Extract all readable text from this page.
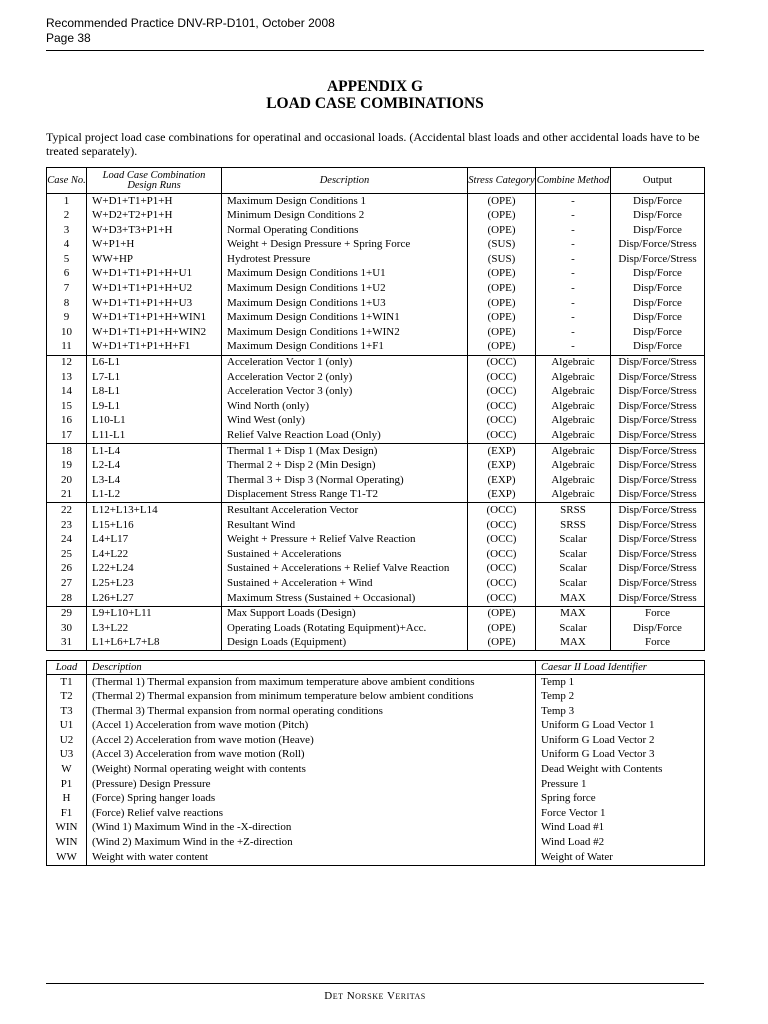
Recommended Practice DNV-RP-D101, October 2008
Page 38
APPENDIX G
LOAD CASE COMBINATIONS
Typical project load case combinations for operatinal and occasional loads. (Accidental blast loads and other accidental loads have to be treated separately).
Case No.	Load Case Combination Design Runs	Description	Stress Category	Combine Method	Output
1	W+D1+T1+P1+H	Maximum Design Conditions 1	(OPE)	-	Disp/Force
2	W+D2+T2+P1+H	Minimum Design Conditions 2	(OPE)	-	Disp/Force
3	W+D3+T3+P1+H	Normal Operating Conditions	(OPE)	-	Disp/Force
4	W+P1+H	Weight + Design Pressure + Spring Force	(SUS)	-	Disp/Force/Stress
5	WW+HP	Hydrotest Pressure	(SUS)	-	Disp/Force/Stress
6	W+D1+T1+P1+H+U1	Maximum Design Conditions 1+U1	(OPE)	-	Disp/Force
7	W+D1+T1+P1+H+U2	Maximum Design Conditions 1+U2	(OPE)	-	Disp/Force
8	W+D1+T1+P1+H+U3	Maximum Design Conditions 1+U3	(OPE)	-	Disp/Force
9	W+D1+T1+P1+H+WIN1	Maximum Design Conditions 1+WIN1	(OPE)	-	Disp/Force
10	W+D1+T1+P1+H+WIN2	Maximum Design Conditions 1+WIN2	(OPE)	-	Disp/Force
11	W+D1+T1+P1+H+F1	Maximum Design Conditions 1+F1	(OPE)	-	Disp/Force
12	L6-L1	Acceleration Vector 1 (only)	(OCC)	Algebraic	Disp/Force/Stress
13	L7-L1	Acceleration Vector 2 (only)	(OCC)	Algebraic	Disp/Force/Stress
14	L8-L1	Acceleration Vector 3 (only)	(OCC)	Algebraic	Disp/Force/Stress
15	L9-L1	Wind North (only)	(OCC)	Algebraic	Disp/Force/Stress
16	L10-L1	Wind West (only)	(OCC)	Algebraic	Disp/Force/Stress
17	L11-L1	Relief Valve Reaction Load (Only)	(OCC)	Algebraic	Disp/Force/Stress
18	L1-L4	Thermal 1 + Disp 1 (Max Design)	(EXP)	Algebraic	Disp/Force/Stress
19	L2-L4	Thermal 2 + Disp 2 (Min Design)	(EXP)	Algebraic	Disp/Force/Stress
20	L3-L4	Thermal 3 + Disp 3 (Normal Operating)	(EXP)	Algebraic	Disp/Force/Stress
21	L1-L2	Displacement Stress Range T1-T2	(EXP)	Algebraic	Disp/Force/Stress
22	L12+L13+L14	Resultant Acceleration Vector	(OCC)	SRSS	Disp/Force/Stress
23	L15+L16	Resultant Wind	(OCC)	SRSS	Disp/Force/Stress
24	L4+L17	Weight + Pressure + Relief Valve Reaction	(OCC)	Scalar	Disp/Force/Stress
25	L4+L22	Sustained + Accelerations	(OCC)	Scalar	Disp/Force/Stress
26	L22+L24	Sustained + Accelerations + Relief Valve Reaction	(OCC)	Scalar	Disp/Force/Stress
27	L25+L23	Sustained + Acceleration + Wind	(OCC)	Scalar	Disp/Force/Stress
28	L26+L27	Maximum Stress (Sustained + Occasional)	(OCC)	MAX	Disp/Force/Stress
29	L9+L10+L11	Max Support Loads (Design)	(OPE)	MAX	Force
30	L3+L22	Operating Loads (Rotating Equipment)+Acc.	(OPE)	Scalar	Disp/Force
31	L1+L6+L7+L8	Design Loads (Equipment)	(OPE)	MAX	Force
Load	Description	Caesar II Load Identifier
T1	(Thermal 1) Thermal expansion from maximum temperature above ambient conditions	Temp 1
T2	(Thermal 2) Thermal expansion from minimum temperature below ambient conditions	Temp 2
T3	(Thermal 3) Thermal expansion from normal operating conditions	Temp 3
U1	(Accel 1) Acceleration from wave motion (Pitch)	Uniform G Load Vector 1
U2	(Accel 2) Acceleration from wave motion (Heave)	Uniform G Load Vector 2
U3	(Accel 3) Acceleration from wave motion (Roll)	Uniform G Load Vector 3
W	(Weight) Normal operating weight with contents	Dead Weight with Contents
P1	(Pressure) Design Pressure	Pressure 1
H	(Force) Spring hanger loads	Spring force
F1	(Force) Relief valve reactions	Force Vector 1
WIN	(Wind 1) Maximum Wind in the -X-direction	Wind Load #1
WIN	(Wind 2) Maximum Wind in the +Z-direction	Wind Load #2
WW	Weight with water content	Weight of Water
Det Norske Veritas
